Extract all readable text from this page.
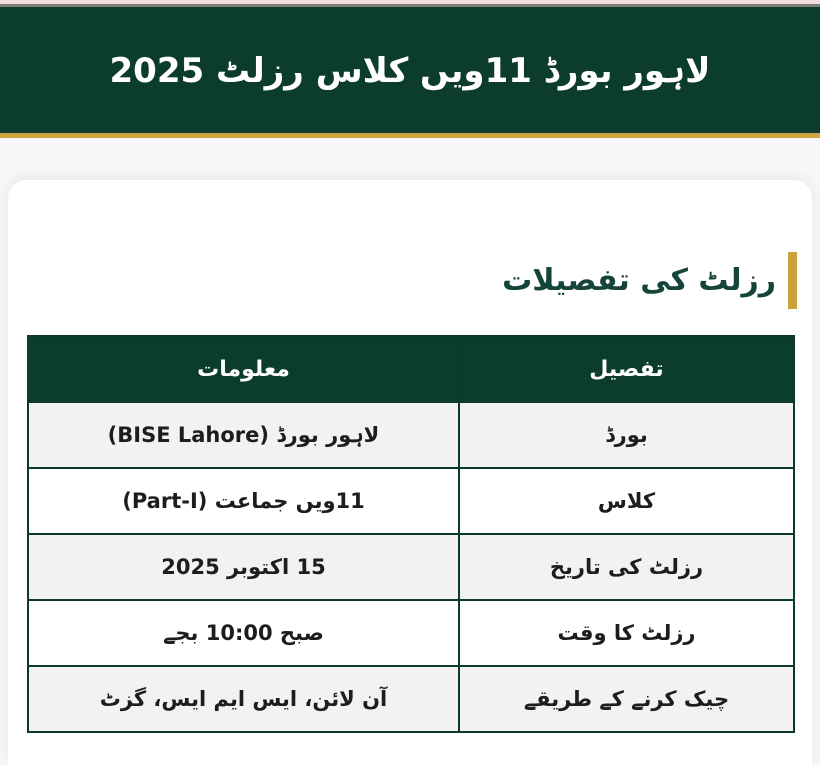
لاہور بورڈ 11ویں کلاس رزلٹ 2025
رزلٹ کی تفصیلات
تفصیل	معلومات
بورڈ	لاہور بورڈ (BISE Lahore)
کلاس	11ویں جماعت (Part-I)
رزلٹ کی تاریخ	15 اکتوبر 2025
رزلٹ کا وقت	صبح 10:00 بجے
چیک کرنے کے طریقے	آن لائن، ایس ایم ایس، گزٹ
